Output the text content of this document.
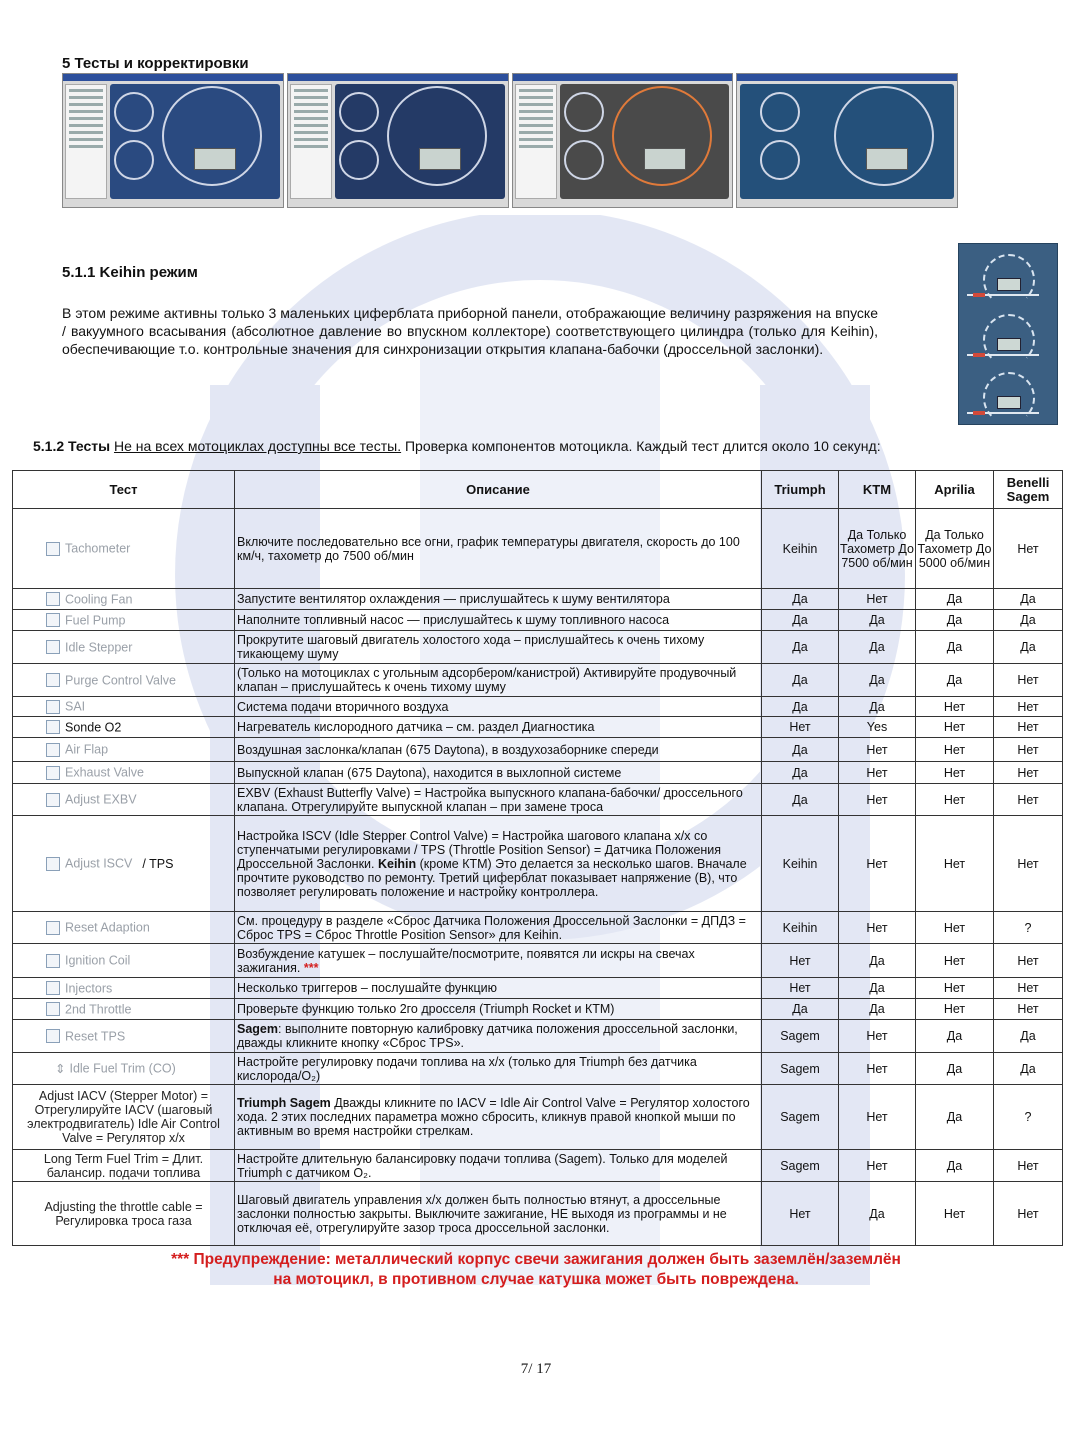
5 Тесты и корректировки
5.1.1 Keihin режим
В этом режиме активны только 3 маленьких циферблата приборной панели, отображающие величину разряжения на впуске / вакуумного всасывания (абсолютное давление во впускном коллекторе) соответствующего цилиндра (только для Keihin), обеспечивающие т.о. контрольные значения для синхронизации открытия клапана-бабочки (дроссельной заслонки).
5.1.2 Тесты Не на всех мотоциклах доступны все тесты. Проверка компонентов мотоцикла. Каждый тест длится около 10 секунд:
Тест	Описание	Triumph	KTM	Aprilia	Benelli Sagem
Tachometer	Включите последовательно все огни, график температуры двигателя, скорость до 100 км/ч, тахометр до 7500 об/мин	Keihin	Да Только Тахометр До 7500 об/мин	Да Только Тахометр До 5000 об/мин	Нет
Cooling Fan	Запустите вентилятор охлаждения — прислушайтесь к шуму вентилятора	Да	Нет	Да	Да
Fuel Pump	Наполните топливный насос — прислушайтесь к шуму топливного насоса	Да	Да	Да	Да
Idle Stepper	Прокрутите шаговый двигатель холостого хода – прислушайтесь к очень тихому тикающему шуму	Да	Да	Да	Да
Purge Control Valve	(Только на мотоциклах с угольным адсорбером/канистрой) Активируйте продувочный клапан – прислушайтесь к очень тихому шуму	Да	Да	Да	Нет
SAI	Система подачи вторичного воздуха	Да	Да	Нет	Нет
Sonde O2	Нагреватель кислородного датчика – см. раздел Диагностика	Нет	Yes	Нет	Нет
Air Flap	Воздушная заслонка/клапан (675 Daytona), в воздухозаборнике спереди	Да	Нет	Нет	Нет
Exhaust Valve	Выпускной клапан (675 Daytona), находится в выхлопной системе	Да	Нет	Нет	Нет
Adjust EXBV	EXBV (Exhaust Butterfly Valve) = Настройка выпускного клапана-бабочки/ дроссельного клапана. Отрегулируйте выпускной клапан – при замене троса	Да	Нет	Нет	Нет
Adjust ISCV / TPS	Настройка ISCV (Idle Stepper Control Valve) = Настройка шагового клапана х/х со ступенчатыми регулировками / TPS (Throttle Position Sensor) = Датчика Положения Дроссельной Заслонки. Keihin (кроме КТМ) Это делается за несколько шагов. Вначале прочтите руководство по ремонту. Третий циферблат показывает напряжение (В), что позволяет регулировать положение и настройку контроллера.	Keihin	Нет	Нет	Нет
Reset Adaption	См. процедуру в разделе «Сброс Датчика Положения Дроссельной Заслонки = ДПДЗ = Сброс TPS = Сброс Throttle Position Sensor» для Keihin.	Keihin	Нет	Нет	?
Ignition Coil	Возбуждение катушек – послушайте/посмотрите, появятся ли искры на свечах зажигания. ***	Нет	Да	Нет	Нет
Injectors	Несколько триггеров – послушайте функцию	Нет	Да	Нет	Нет
2nd Throttle	Проверьте функцию только 2го дросселя (Triumph Rocket и КТМ)	Да	Да	Нет	Нет
Reset TPS	Sagem: выполните повторную калибровку датчика положения дроссельной заслонки, дважды кликните кнопку «Сброс TPS».	Sagem	Нет	Да	Да
⇕ Idle Fuel Trim (CO)	Настройте регулировку подачи топлива на х/х (только для Triumph без датчика кислорода/O₂)	Sagem	Нет	Да	Да
Adjust IACV (Stepper Motor) = Отрегулируйте IACV (шаговый электродвигатель) Idle Air Control Valve = Регулятор х/х	Triumph Sagem Дважды кликните по IACV = Idle Air Control Valve = Регулятор холостого хода. 2 этих последних параметра можно сбросить, кликнув правой кнопкой мыши по активным во время настройки стрелкам.	Sagem	Нет	Да	?
Long Term Fuel Trim = Длит. балансир. подачи топлива	Настройте длительную балансировку подачи топлива (Sagem). Только для моделей Triumph с датчиком O₂.	Sagem	Нет	Да	Нет
Adjusting the throttle cable = Регулировка троса газа	Шаговый двигатель управления х/х должен быть полностью втянут, а дроссельные заслонки полностью закрыты. Выключите зажигание, НЕ выходя из программы и не отключая её, отрегулируйте зазор троса дроссельной заслонки.	Нет	Да	Нет	Нет
*** Предупреждение: металлический корпус свечи зажигания должен быть заземлён/заземлён
на мотоцикл, в противном случае катушка может быть повреждена.
7/ 17
